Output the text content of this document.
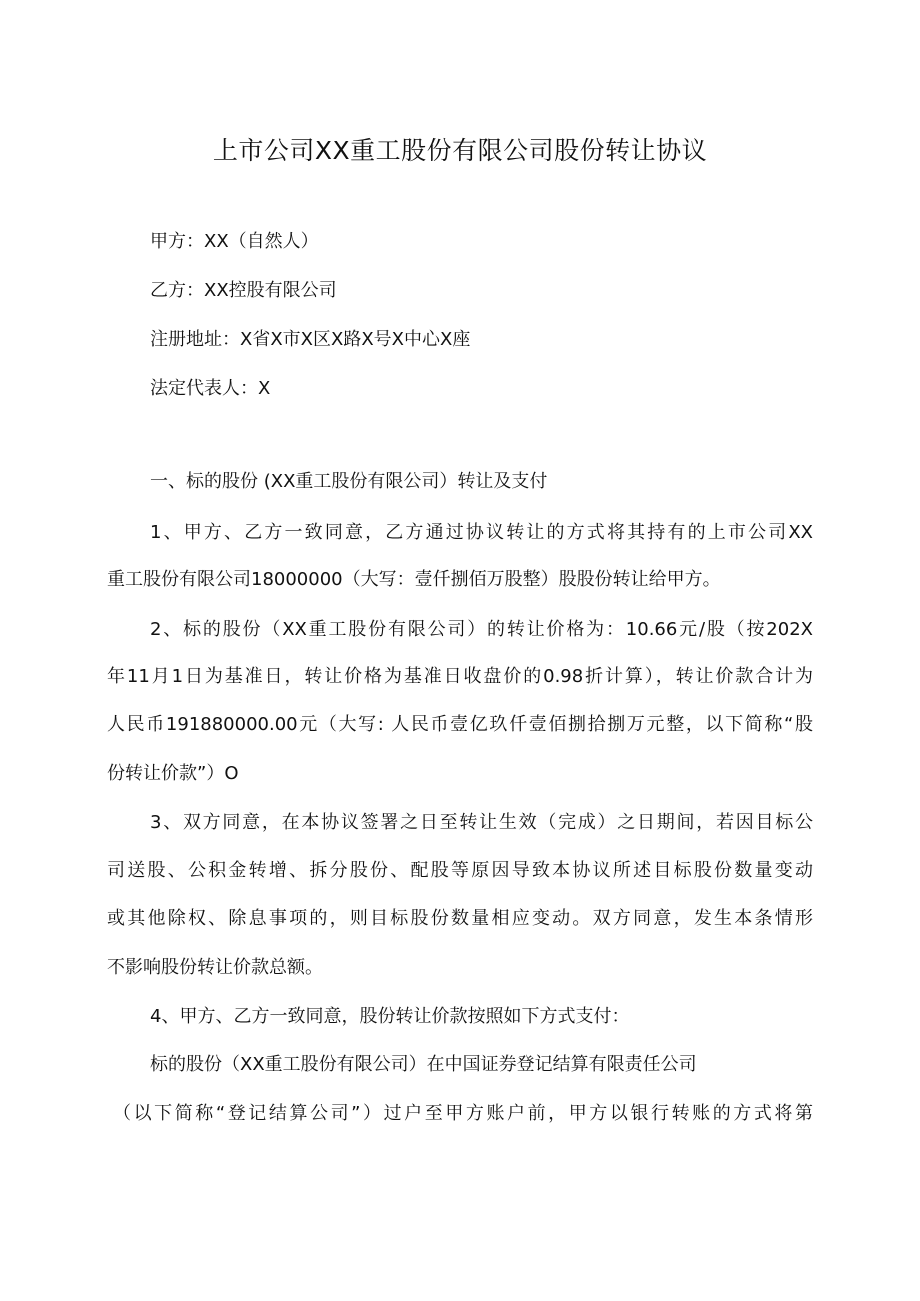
上市公司XX重工股份有限公司股份转让协议
甲方：XX（自然人）
乙方：XX控股有限公司
注册地址：X省X市X区X路X号X中心X座
法定代表人：X
一、标的股份 (XX重工股份有限公司）转让及支付
1、甲方、乙方一致同意，乙方通过协议转让的方式将其持有的上市公司XX
重工股份有限公司18000000（大写：壹仟捌佰万股整）股股份转让给甲方。
2、标的股份（XX重工股份有限公司）的转让价格为：10.66元/股（按202X
年11月1日为基准日，转让价格为基准日收盘价的0.98折计算），转让价款合计为
人民币191880000.00元（大写: 人民币壹亿玖仟壹佰捌拾捌万元整，以下简称“股
份转让价款”）O
3、双方同意，在本协议签署之日至转让生效（完成）之日期间，若因目标公
司送股、公积金转增、拆分股份、配股等原因导致本协议所述目标股份数量变动
或其他除权、除息事项的，则目标股份数量相应变动。双方同意，发生本条情形
不影响股份转让价款总额。
4、甲方、乙方一致同意，股份转让价款按照如下方式支付：
标的股份（XX重工股份有限公司）在中国证券登记结算有限责任公司
（以下简称“登记结算公司”）过户至甲方账户前，甲方以银行转账的方式将第
